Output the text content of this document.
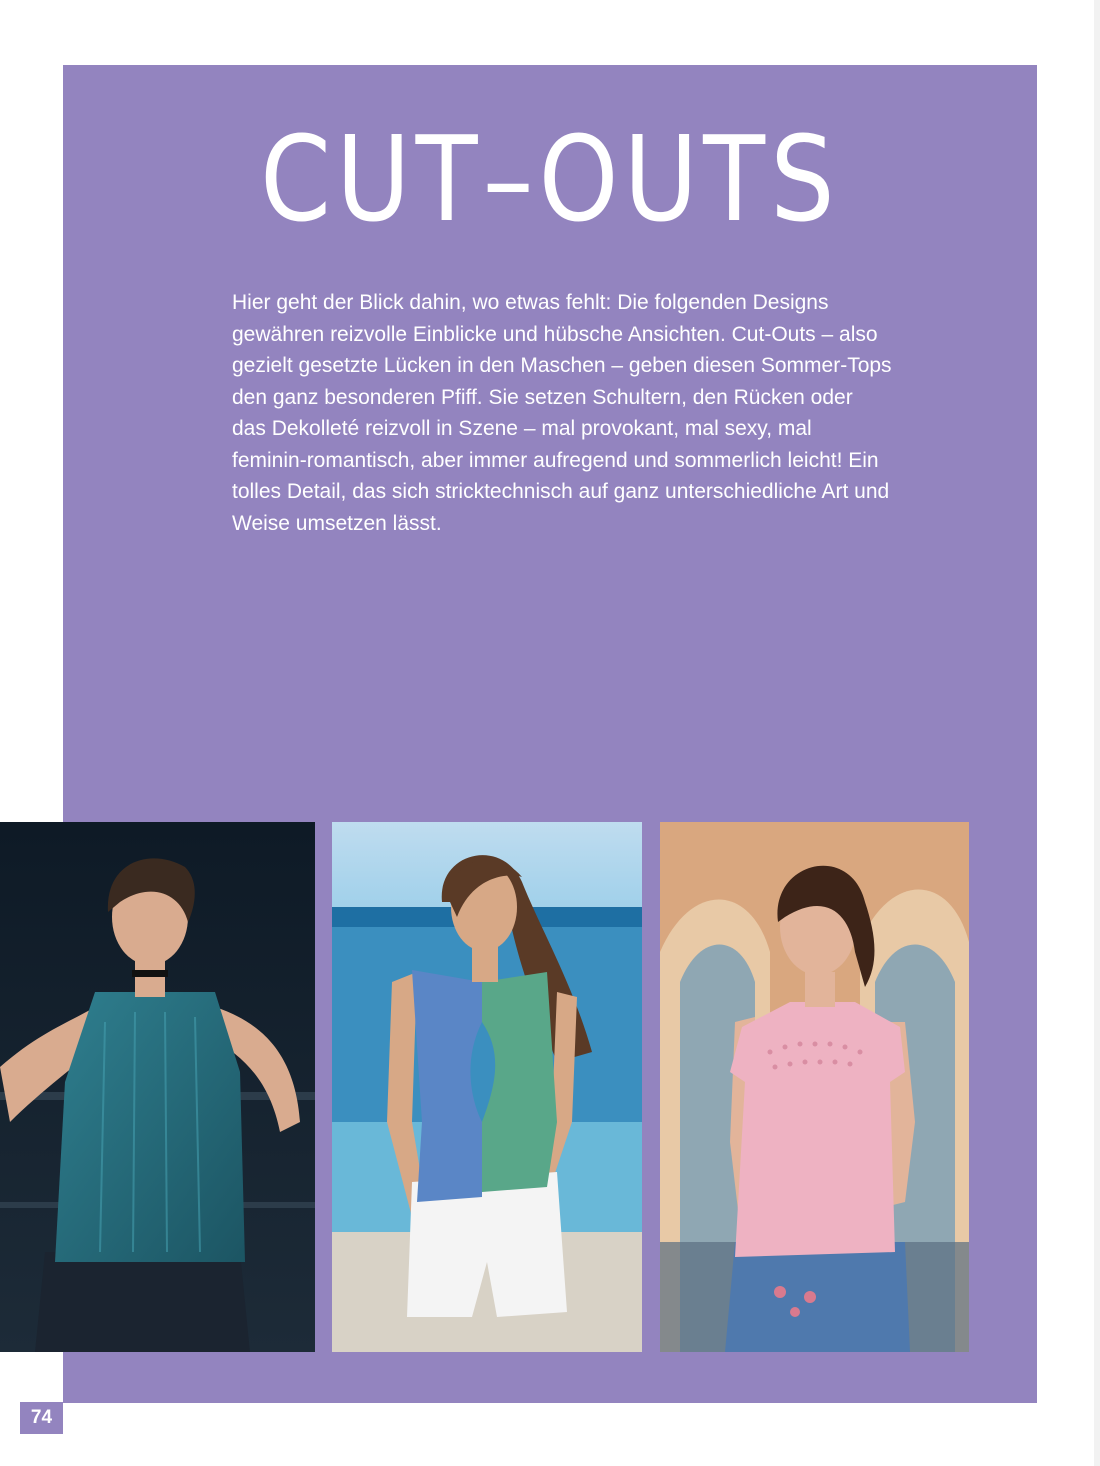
CUT–OUTS

Hier geht der Blick dahin, wo etwas fehlt: Die folgenden Designs gewähren reizvolle Einblicke und hübsche Ansichten. Cut-Outs – also gezielt gesetzte Lücken in den Maschen – geben diesen Sommer-Tops den ganz besonderen Pfiff. Sie setzen Schultern, den Rücken oder das Dekolleté reizvoll in Szene – mal provokant, mal sexy, mal feminin-romantisch, aber immer aufregend und sommerlich leicht! Ein tolles Detail, das sich stricktechnisch auf ganz unterschiedliche Art und Weise umsetzen lässt.

74
